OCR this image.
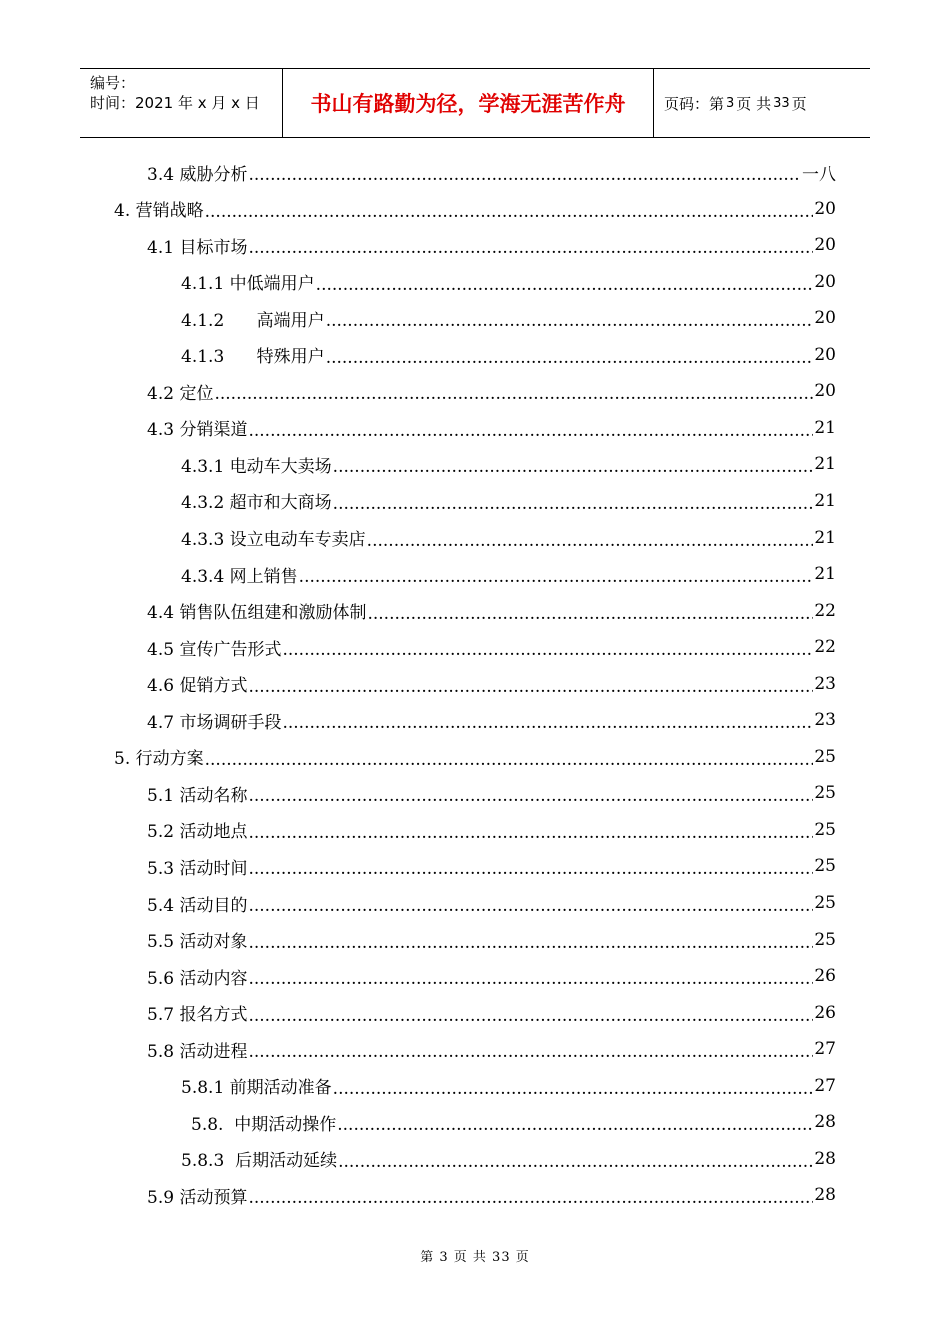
编号：
时间：2021 年 x 月 x 日	书山有路勤为径，学海无涯苦作舟	页码：第 3 页 共 33 页
3.4 威胁分析 .....	一八
4. 营销战略 .....	20
4.1 目标市场 .....	20
4.1.1 中低端用户 .....	20
4.1.2      高端用户 .....	20
4.1.3      特殊用户 .....	20
4.2 定位 .....	20
4.3 分销渠道 .....	21
4.3.1 电动车大卖场 .....	21
4.3.2 超市和大商场 .....	21
4.3.3 设立电动车专卖店 .....	21
4.3.4 网上销售 .....	21
4.4 销售队伍组建和激励体制 .....	22
4.5 宣传广告形式 .....	22
4.6 促销方式 .....	23
4.7 市场调研手段 .....	23
5. 行动方案 .....	25
5.1 活动名称 .....	25
5.2 活动地点 .....	25
5.3 活动时间 .....	25
5.4 活动目的 .....	25
5.5 活动对象 .....	25
5.6 活动内容 .....	26
5.7 报名方式 .....	26
5.8 活动进程 .....	27
5.8.1 前期活动准备 .....	27
5.8.  中期活动操作 .....	28
5.8.3  后期活动延续 .....	28
5.9 活动预算 .....	28
第 3 页 共 33 页
